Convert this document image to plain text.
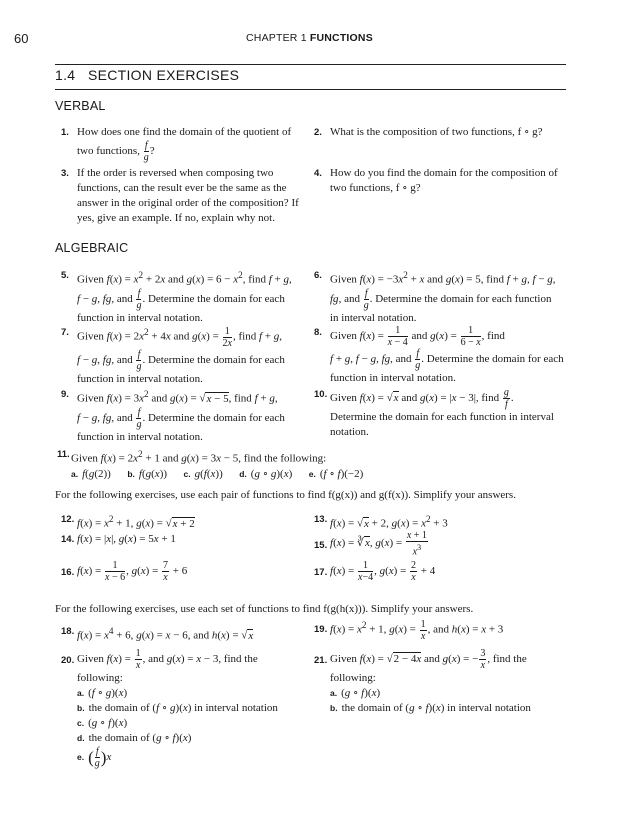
60	CHAPTER 1 FUNCTIONS
1.4 SECTION EXERCISES
VERBAL
1. How does one find the domain of the quotient of two functions, $\frac{f}{g}$ ?
2. What is the composition of two functions, f ∘ g?
3. If the order is reversed when composing two functions, can the result ever be the same as the answer in the original order of the composition? If yes, give an example. If no, explain why not.
4. How do you find the domain for the composition of two functions, f ∘ g?
ALGEBRAIC
5. Given $f(x) = x^2 + 2x$ and $g(x) = 6 - x^2$, find f + g,
f − g, fg, and $\frac{f}{g}$ . Determine the domain for each
function in interval notation.
6. Given $f(x) = -3x^2 + x$ and g(x) = 5, find f + g, f − g,
fg, and $\frac{f}{g}$ . Determine the domain for each function
in interval notation.
7. Given $f(x) = 2x^2 + 4x$ and $g(x) = \frac{1}{2x}$ , find f + g,
f − g, fg, and $\frac{f}{g}$ . Determine the domain for each
function in interval notation.
8. Given $f(x) = \frac{1}{x - 4}$ and $g(x) = \frac{1}{6 - x}$ , find
f + g, f − g, fg, and $\frac{f}{g}$ . Determine the domain for each
function in interval notation.
9. Given $f(x) = 3x^2$ and g(x) = √x − 5, find f + g,
f − g, fg, and $\frac{f}{g}$ . Determine the domain for each
function in interval notation.
10. Given f(x) = √x and g(x) = |x − 3|, find $\frac{g}{f}$ .
Determine the domain for each function in interval
notation.
11. Given $f(x) = 2x^2 + 1$ and g(x) = 3x − 5, find the following:
a. f(g(2))      b. f(g(x))      c. g(f(x))      d. (g ∘ g)(x)      e. (f ∘ f)(−2)
For the following exercises, use each pair of functions to find f(g(x)) and g(f(x)). Simplify your answers.
12. $f(x) = x^2 + 1$, g(x) = √x + 2	13. f(x) = √x + 2, $g(x) = x^2 + 3$
14. f(x) = |x|, g(x) = 5x + 1
15. f(x) = ∛x, $g(x) = \frac{x + 1}{x^3}$
16. $f(x) = \frac{1}{x - 6}$ , $g(x) = \frac{7}{x} + 6$	17. $f(x) = \frac{1}{x-4}$ , $g(x) = \frac{2}{x} + 4$
For the following exercises, use each set of functions to find f(g(h(x))). Simplify your answers.
18. $f(x) = x^4 + 6$, g(x) = x − 6, and h(x) = √x
19. $f(x) = x^2 + 1$, $g(x) = \frac{1}{x}$ , and h(x) = x + 3
20. Given $f(x) = \frac{1}{x}$ , and g(x) = x − 3, find the
following:
a. (f ∘ g)(x)
b. the domain of (f ∘ g)(x) in interval notation
c. (g ∘ f)(x)
d. the domain of (g ∘ f)(x)
e. ( $\frac{f}{g} )x$
21. Given f(x) = √2 − 4x and g(x) = − $\frac{3}{x}$ , find the
following:
a. (g ∘ f)(x)
b. the domain of (g ∘ f)(x) in interval notation
